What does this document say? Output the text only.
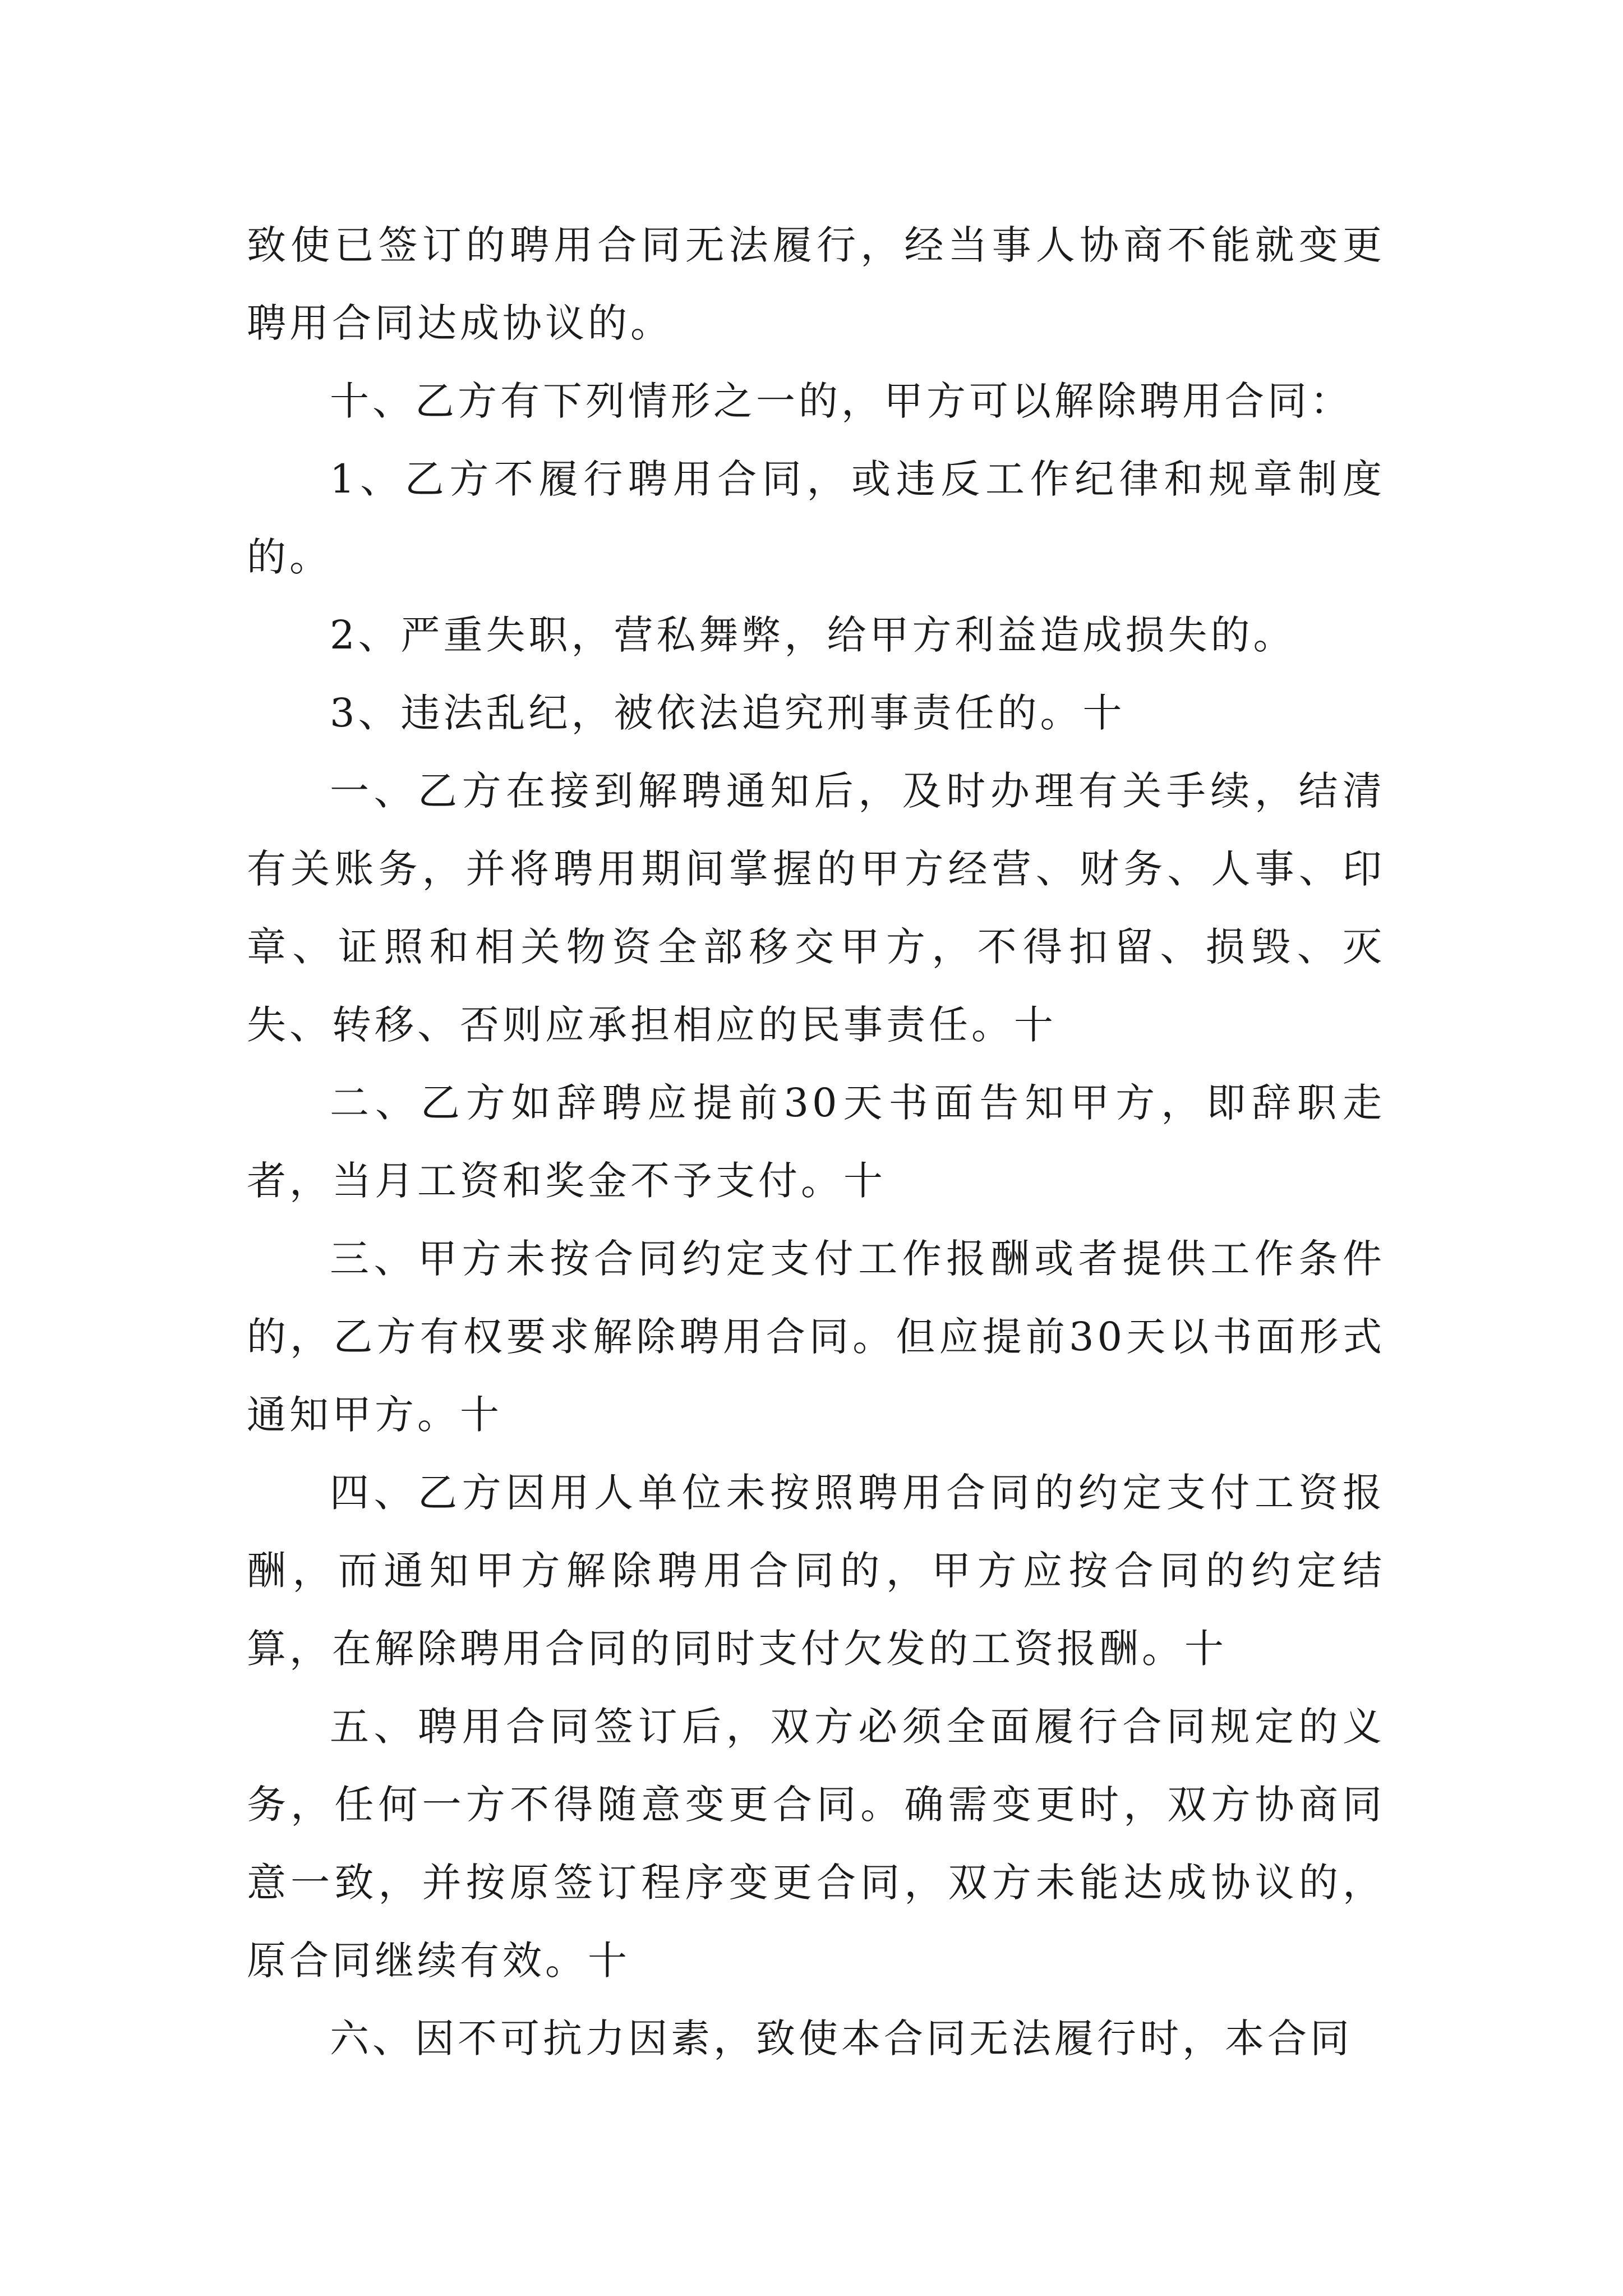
致使已签订的聘用合同无法履行，经当事人协商不能就变更聘用合同达成协议的。

十、乙方有下列情形之一的，甲方可以解除聘用合同：

1、乙方不履行聘用合同，或违反工作纪律和规章制度的。

2、严重失职，营私舞弊，给甲方利益造成损失的。

3、违法乱纪，被依法追究刑事责任的。十

一、乙方在接到解聘通知后，及时办理有关手续，结清有关账务，并将聘用期间掌握的甲方经营、财务、人事、印章、证照和相关物资全部移交甲方，不得扣留、损毁、灭失、转移、否则应承担相应的民事责任。十

二、乙方如辞聘应提前30天书面告知甲方，即辞职走者，当月工资和奖金不予支付。十

三、甲方未按合同约定支付工作报酬或者提供工作条件的，乙方有权要求解除聘用合同。但应提前30天以书面形式通知甲方。十

四、乙方因用人单位未按照聘用合同的约定支付工资报酬，而通知甲方解除聘用合同的，甲方应按合同的约定结算，在解除聘用合同的同时支付欠发的工资报酬。十

五、聘用合同签订后，双方必须全面履行合同规定的义务，任何一方不得随意变更合同。确需变更时，双方协商同意一致，并按原签订程序变更合同，双方未能达成协议的，原合同继续有效。十

六、因不可抗力因素，致使本合同无法履行时，本合同
